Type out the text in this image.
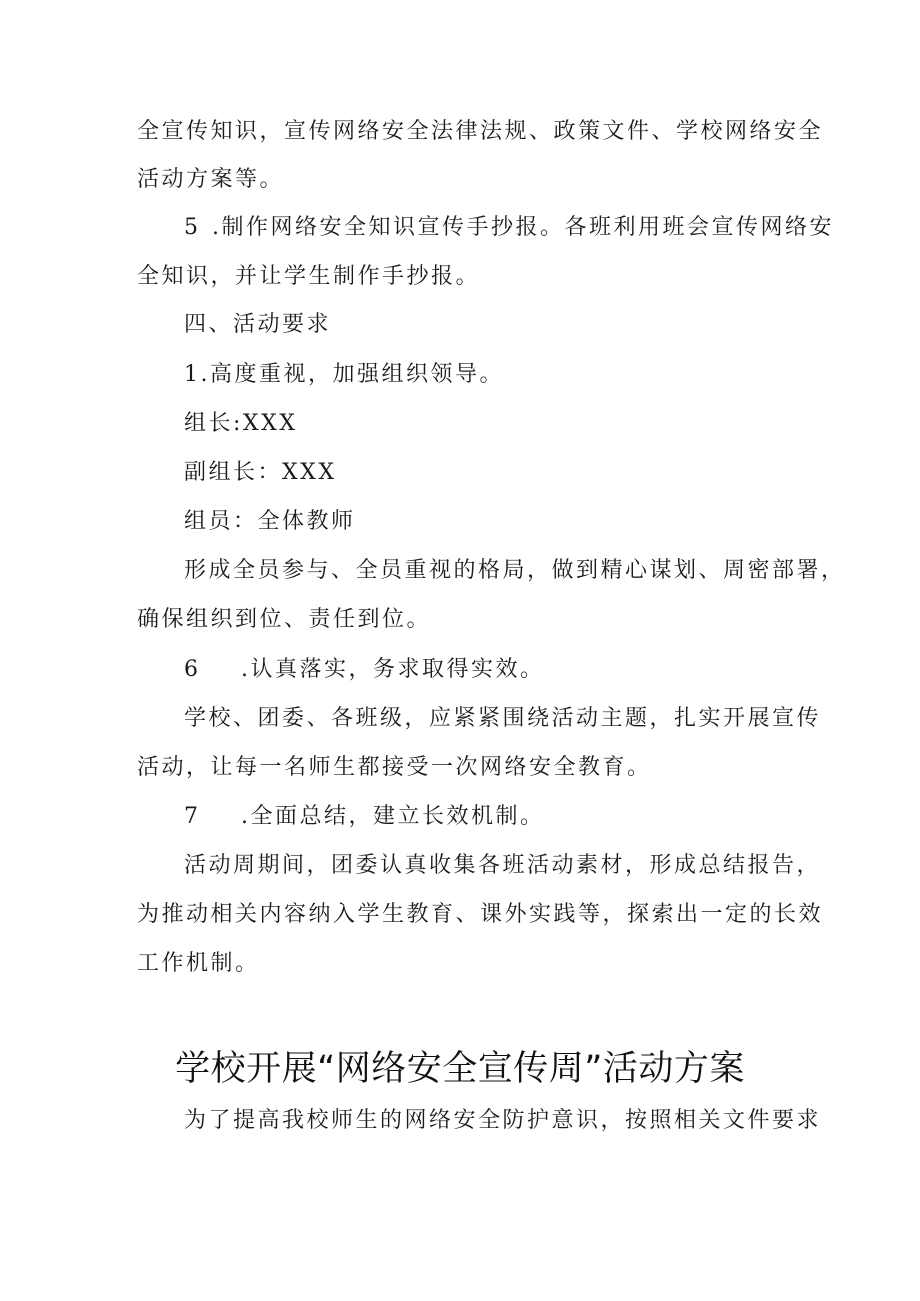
全宣传知识，宣传网络安全法律法规、政策文件、学校网络安全
活动方案等。
5 .制作网络安全知识宣传手抄报。各班利用班会宣传网络安
全知识，并让学生制作手抄报。
四、活动要求
1.高度重视，加强组织领导。
组长:XXX
副组长：XXX
组员：全体教师
形成全员参与、全员重视的格局，做到精心谋划、周密部署，
确保组织到位、责任到位。
6 .认真落实，务求取得实效。
学校、团委、各班级，应紧紧围绕活动主题，扎实开展宣传
活动，让每一名师生都接受一次网络安全教育。
7 .全面总结，建立长效机制。
活动周期间，团委认真收集各班活动素材，形成总结报告，
为推动相关内容纳入学生教育、课外实践等，探索出一定的长效
工作机制。
学校开展“网络安全宣传周”活动方案
为了提高我校师生的网络安全防护意识，按照相关文件要求
